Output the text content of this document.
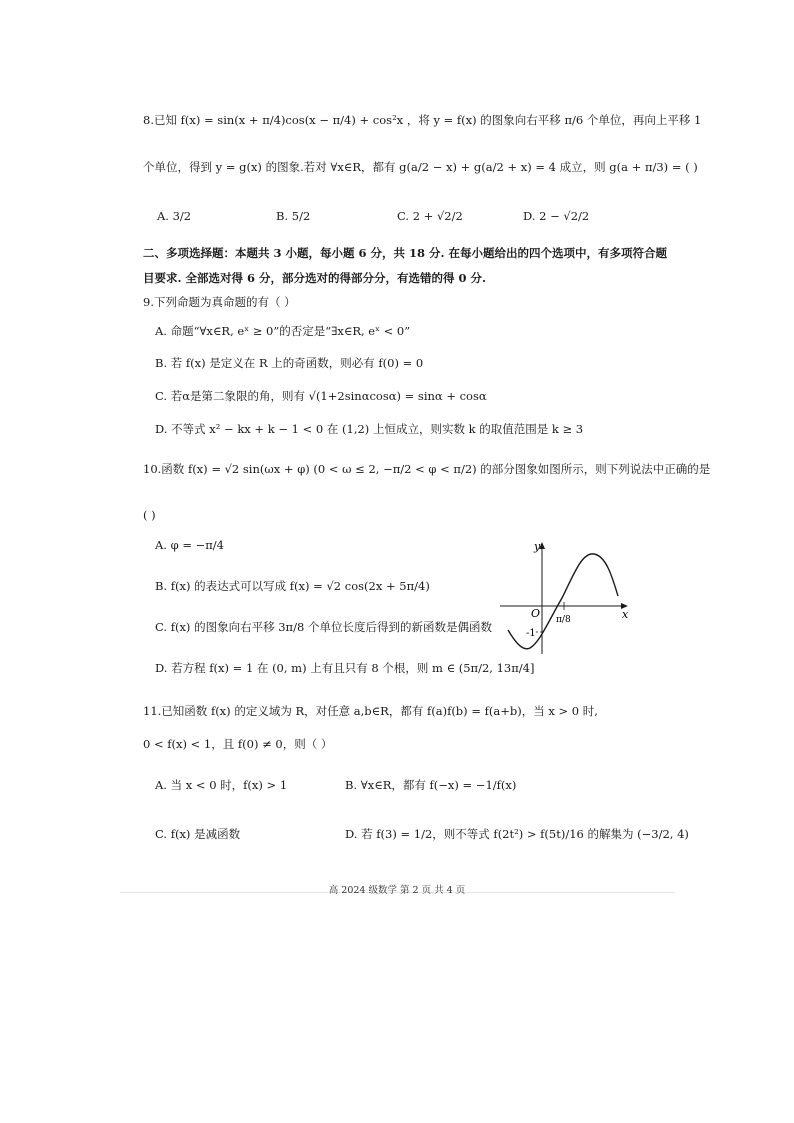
8.已知 f(x) = sin(x + π/4)cos(x − π/4) + cos²x ，将 y = f(x) 的图象向右平移 π/6 个单位，再向上平移 1
个单位，得到 y = g(x) 的图象.若对 ∀x∈R，都有 g(a/2 − x) + g(a/2 + x) = 4 成立，则 g(a + π/3) = ( )
A. 3/2	B. 5/2	C. 2 + √2/2	D. 2 − √2/2
二、多项选择题：本题共 3 小题，每小题 6 分，共 18 分. 在每小题给出的四个选项中，有多项符合题
目要求. 全部选对得 6 分，部分选对的得部分分，有选错的得 0 分.
9.下列命题为真命题的有（ ）
A. 命题“∀x∈R, eˣ ≥ 0”的否定是“∃x∈R, eˣ < 0”
B. 若 f(x) 是定义在 R 上的奇函数，则必有 f(0) = 0
C. 若α是第二象限的角，则有 √(1+2sinαcosα) = sinα + cosα
D. 不等式 x² − kx + k − 1 < 0 在 (1,2) 上恒成立，则实数 k 的取值范围是 k ≥ 3
10.函数 f(x) = √2 sin(ωx + φ) (0 < ω ≤ 2, −π/2 < φ < π/2) 的部分图象如图所示，则下列说法中正确的是
( )
A. φ = −π/4
B. f(x) 的表达式可以写成 f(x) = √2 cos(2x + 5π/4)
C. f(x) 的图象向右平移 3π/8 个单位长度后得到的新函数是偶函数
D. 若方程 f(x) = 1 在 (0, m) 上有且只有 8 个根，则 m ∈ (5π/2, 13π/4]
y
x
O π/8
-1
11.已知函数 f(x) 的定义域为 R，对任意 a,b∈R，都有 f(a)f(b) = f(a+b)，当 x > 0 时,
0 < f(x) < 1，且 f(0) ≠ 0，则（ ）
A. 当 x < 0 时，f(x) > 1	B. ∀x∈R，都有 f(−x) = −1/f(x)
C. f(x) 是减函数	D. 若 f(3) = 1/2，则不等式 f(2t²) > f(5t)/16 的解集为 (−3/2, 4)
高 2024 级数学 第 2 页 共 4 页
